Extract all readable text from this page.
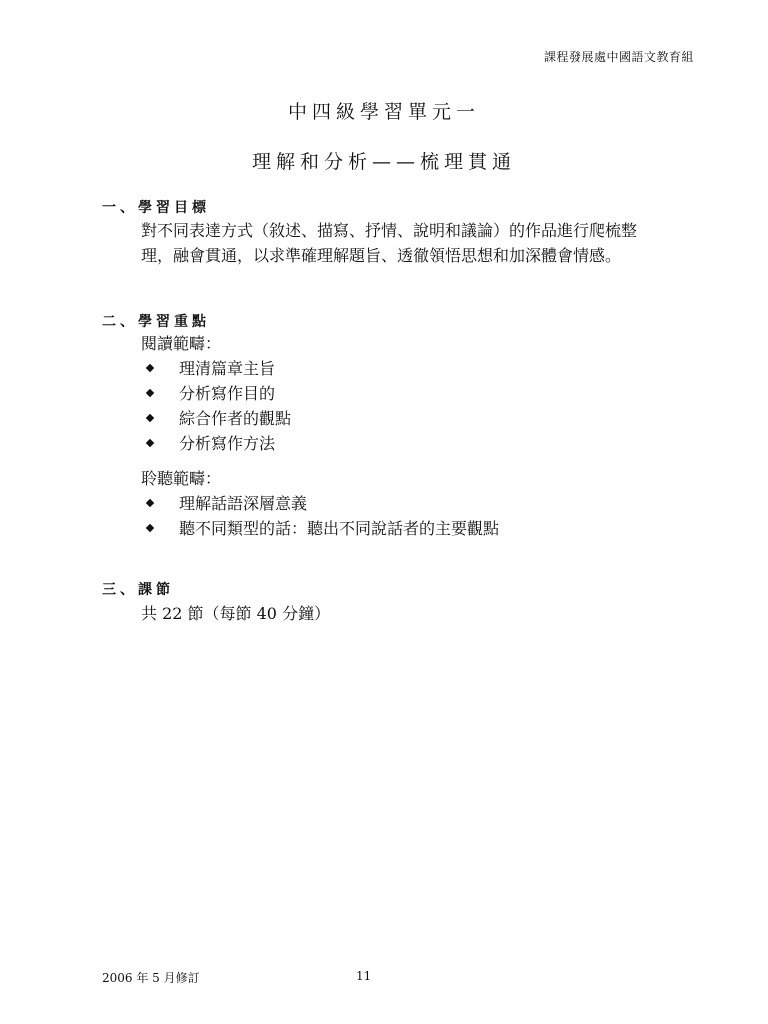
課程發展處中國語文教育組
中四級學習單元一
理解和分析——梳理貫通
一、學習目標
對不同表達方式（敘述、描寫、抒情、說明和議論）的作品進行爬梳整
理，融會貫通，以求準確理解題旨、透徹領悟思想和加深體會情感。
二、學習重點
閱讀範疇：
理清篇章主旨
分析寫作目的
綜合作者的觀點
分析寫作方法
聆聽範疇：
理解話語深層意義
聽不同類型的話：聽出不同說話者的主要觀點
三、課節
共 22 節（每節 40 分鐘）
2006 年 5 月修訂	11
